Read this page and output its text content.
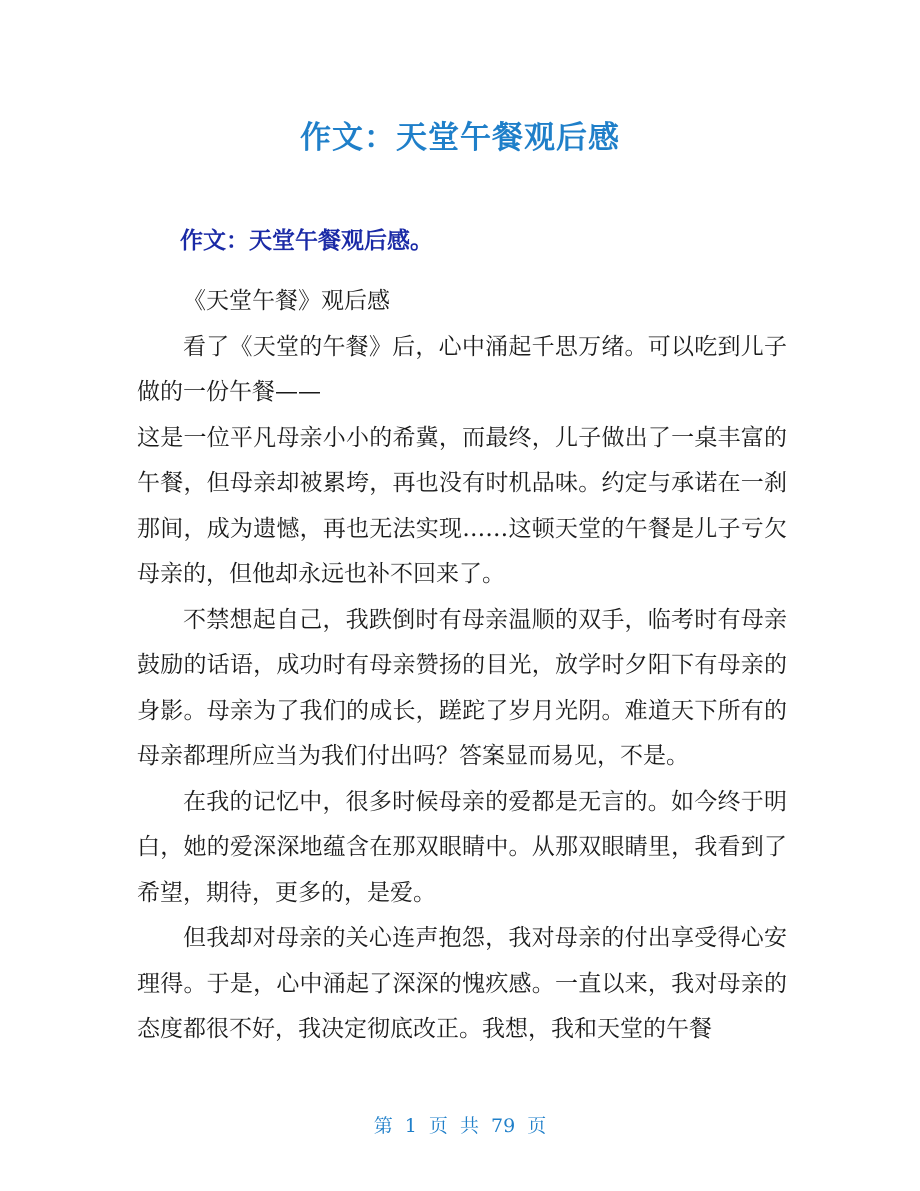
作文：天堂午餐观后感
作文：天堂午餐观后感。

《天堂午餐》观后感

看了《天堂的午餐》后，心中涌起千思万绪。可以吃到儿子做的一份午餐——

这是一位平凡母亲小小的希冀，而最终，儿子做出了一桌丰富的午餐，但母亲却被累垮，再也没有时机品味。约定与承诺在一刹那间，成为遗憾，再也无法实现……这顿天堂的午餐是儿子亏欠母亲的，但他却永远也补不回来了。

不禁想起自己，我跌倒时有母亲温顺的双手，临考时有母亲鼓励的话语，成功时有母亲赞扬的目光，放学时夕阳下有母亲的身影。母亲为了我们的成长，蹉跎了岁月光阴。难道天下所有的母亲都理所应当为我们付出吗？答案显而易见，不是。

在我的记忆中，很多时候母亲的爱都是无言的。如今终于明白，她的爱深深地蕴含在那双眼睛中。从那双眼睛里，我看到了希望，期待，更多的，是爱。

但我却对母亲的关心连声抱怨，我对母亲的付出享受得心安理得。于是，心中涌起了深深的愧疚感。一直以来，我对母亲的态度都很不好，我决定彻底改正。我想，我和天堂的午餐

第 1 页 共 79 页
